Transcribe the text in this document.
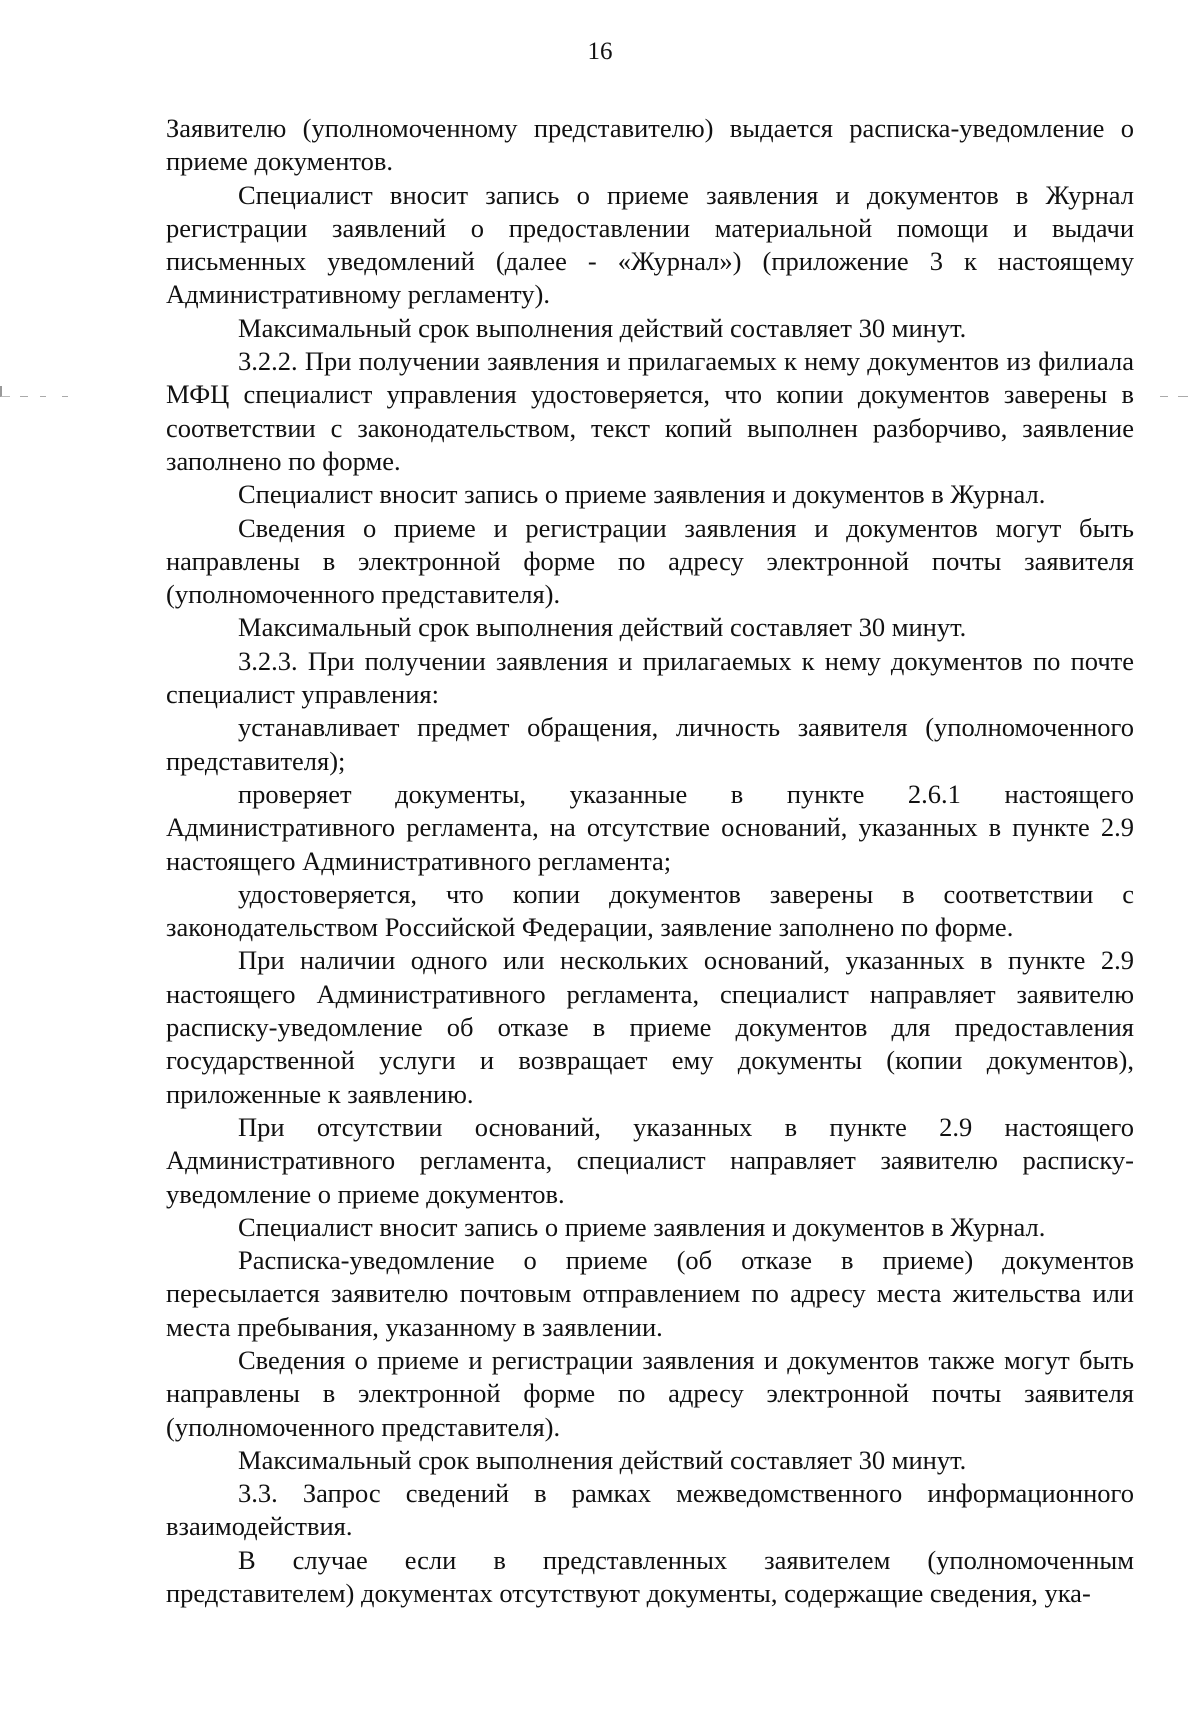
16

Заявителю (уполномоченному представителю) выдается расписка-уведомление о приеме документов.

Специалист вносит запись о приеме заявления и документов в Журнал регистрации заявлений о предоставлении материальной помощи и выдачи письменных уведомлений (далее - «Журнал») (приложение 3 к настоящему Административному регламенту).

Максимальный срок выполнения действий составляет 30 минут.

3.2.2. При получении заявления и прилагаемых к нему документов из филиала МФЦ специалист управления удостоверяется, что копии документов заверены в соответствии с законодательством, текст копий выполнен разборчиво, заявление заполнено по форме.

Специалист вносит запись о приеме заявления и документов в Журнал.

Сведения о приеме и регистрации заявления и документов могут быть направлены в электронной форме по адресу электронной почты заявителя (уполномоченного представителя).

Максимальный срок выполнения действий составляет 30 минут.

3.2.3. При получении заявления и прилагаемых к нему документов по почте специалист управления:

устанавливает предмет обращения, личность заявителя (уполномоченного представителя);

проверяет документы, указанные в пункте 2.6.1 настоящего Административного регламента, на отсутствие оснований, указанных в пункте 2.9 настоящего Административного регламента;

удостоверяется, что копии документов заверены в соответствии с законодательством Российской Федерации, заявление заполнено по форме.

При наличии одного или нескольких оснований, указанных в пункте 2.9 настоящего Административного регламента, специалист направляет заявителю расписку-уведомление об отказе в приеме документов для предоставления государственной услуги и возвращает ему документы (копии документов), приложенные к заявлению.

При отсутствии оснований, указанных в пункте 2.9 настоящего Административного регламента, специалист направляет заявителю расписку-уведомление о приеме документов.

Специалист вносит запись о приеме заявления и документов в Журнал.

Расписка-уведомление о приеме (об отказе в приеме) документов пересылается заявителю почтовым отправлением по адресу места жительства или места пребывания, указанному в заявлении.

Сведения о приеме и регистрации заявления и документов также могут быть направлены в электронной форме по адресу электронной почты заявителя (уполномоченного представителя).

Максимальный срок выполнения действий составляет 30 минут.

3.3. Запрос сведений в рамках межведомственного информационного взаимодействия.

В случае если в представленных заявителем (уполномоченным представителем) документах отсутствуют документы, содержащие сведения, ука-
